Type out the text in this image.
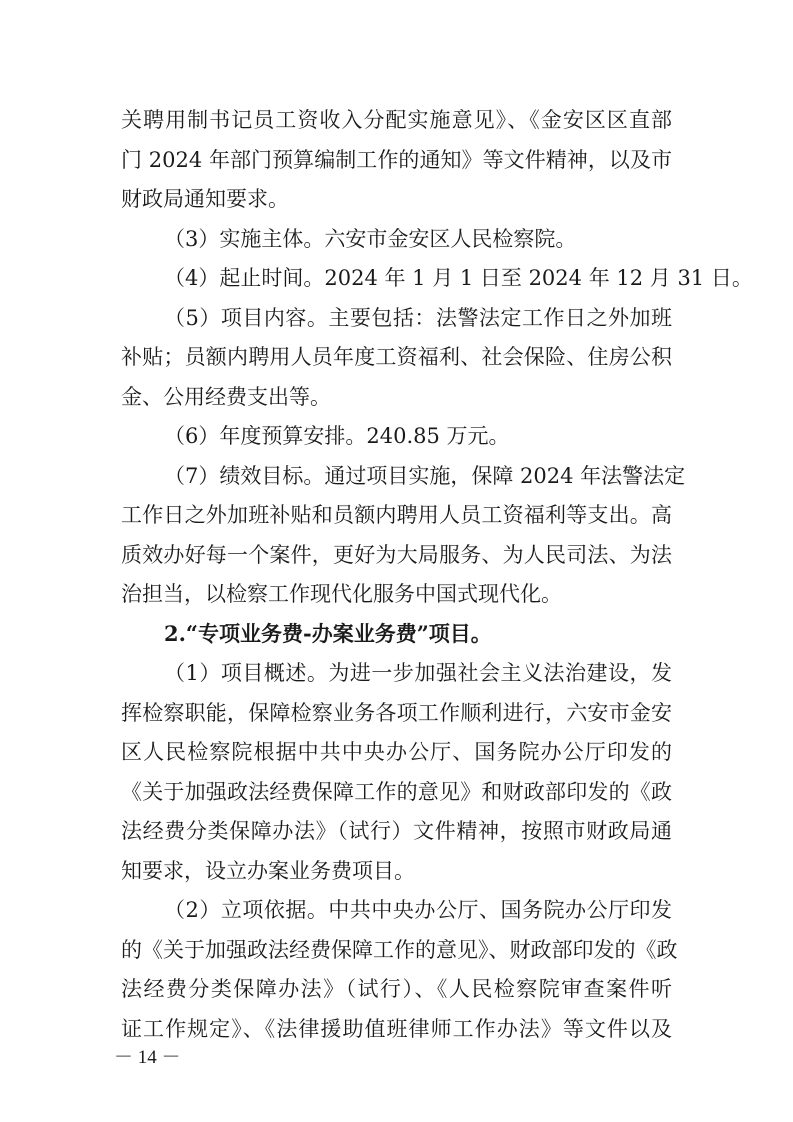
关聘用制书记员工资收入分配实施意见》、《金安区区直部
门 2024 年部门预算编制工作的通知》等文件精神，以及市
财政局通知要求。
（3）实施主体。六安市金安区人民检察院。
（4）起止时间。2024 年 1 月 1 日至 2024 年 12 月 31 日。
（5）项目内容。主要包括：法警法定工作日之外加班
补贴；员额内聘用人员年度工资福利、社会保险、住房公积
金、公用经费支出等。
（6）年度预算安排。240.85 万元。
（7）绩效目标。通过项目实施，保障 2024 年法警法定
工作日之外加班补贴和员额内聘用人员工资福利等支出。高
质效办好每一个案件，更好为大局服务、为人民司法、为法
治担当，以检察工作现代化服务中国式现代化。
2.“专项业务费-办案业务费”项目。
（1）项目概述。为进一步加强社会主义法治建设，发
挥检察职能，保障检察业务各项工作顺利进行，六安市金安
区人民检察院根据中共中央办公厅、国务院办公厅印发的
《关于加强政法经费保障工作的意见》和财政部印发的《政
法经费分类保障办法》（试行）文件精神，按照市财政局通
知要求，设立办案业务费项目。
（2）立项依据。中共中央办公厅、国务院办公厅印发
的《关于加强政法经费保障工作的意见》、财政部印发的《政
法经费分类保障办法》（试行）、《人民检察院审查案件听
证工作规定》、《法律援助值班律师工作办法》等文件以及
－ 14 －
